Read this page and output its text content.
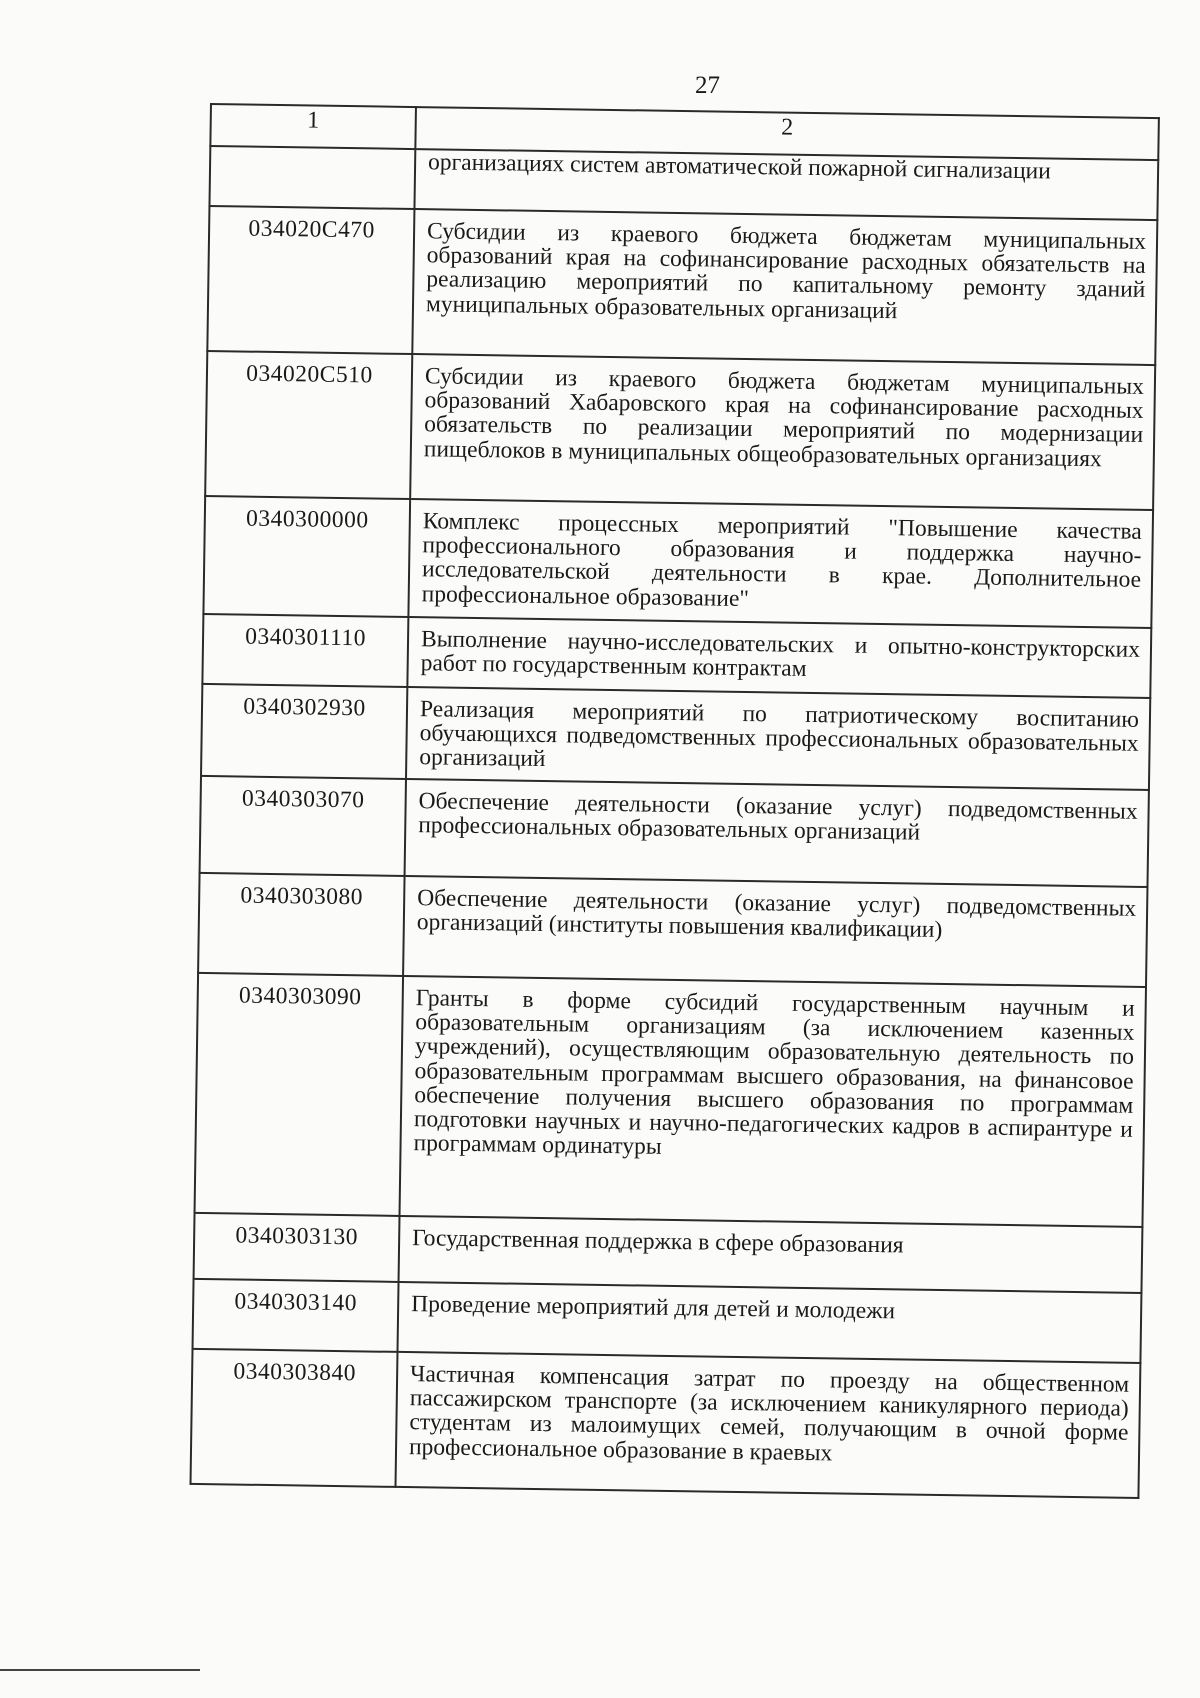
27
1	2
	организациях систем автоматической пожарной сигнализации
034020C470	Субсидии из краевого бюджета бюджетам муниципальных образований края на софинансирование расходных обязательств на реализацию мероприятий по капитальному ремонту зданий муниципальных образовательных организаций
034020C510	Субсидии из краевого бюджета бюджетам муниципальных образований Хабаровского края на софинансирование расходных обязательств по реализации мероприятий по модернизации пищеблоков в муниципальных общеобразовательных организациях
0340300000	Комплекс процессных мероприятий "Повышение качества профессионального образования и поддержка научно-исследовательской деятельности в крае. Дополнительное профессиональное образование"
0340301110	Выполнение научно-исследовательских и опытно-конструкторских работ по государственным контрактам
0340302930	Реализация мероприятий по патриотическому воспитанию обучающихся подведомственных профессиональных образовательных организаций
0340303070	Обеспечение деятельности (оказание услуг) подведомственных профессиональных образовательных организаций
0340303080	Обеспечение деятельности (оказание услуг) подведомственных организаций (институты повышения квалификации)
0340303090	Гранты в форме субсидий государственным научным и образовательным организациям (за исключением казенных учреждений), осуществляющим образовательную деятельность по образовательным программам высшего образования, на финансовое обеспечение получения высшего образования по программам подготовки научных и научно-педагогических кадров в аспирантуре и программам ординатуры
0340303130	Государственная поддержка в сфере образования
0340303140	Проведение мероприятий для детей и молодежи
0340303840	Частичная компенсация затрат по проезду на общественном пассажирском транспорте (за исключением каникулярного периода) студентам из малоимущих семей, получающим в очной форме профессиональное образование в краевых
